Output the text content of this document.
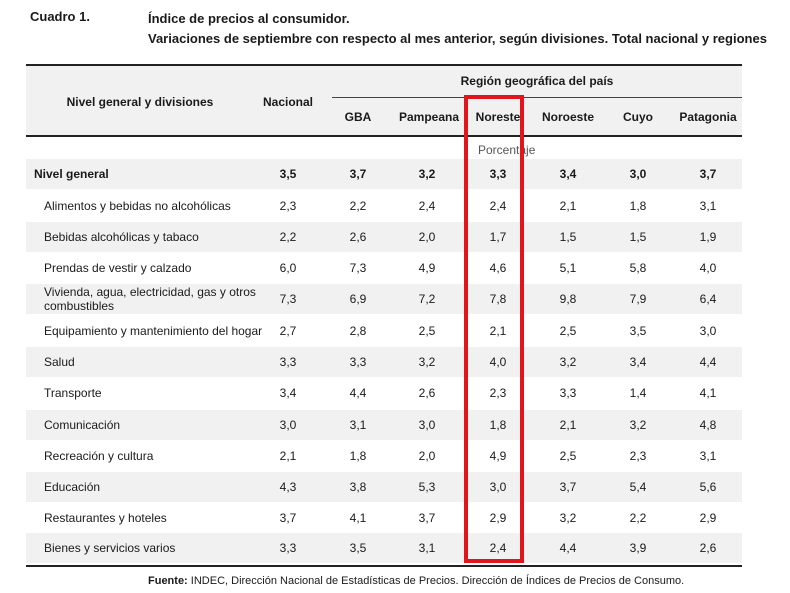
Cuadro 1.	Índice de precios al consumidor.
Variaciones de septiembre con respecto al mes anterior, según divisiones. Total nacional y regiones
Nivel general y divisiones	Nacional
Región geográfica del país
GBA	Pampeana	Noreste	Noroeste	Cuyo	Patagonia
Porcentaje
Nivel general	3,5	3,7	3,2	3,3	3,4	3,0	3,7
Alimentos y bebidas no alcohólicas	2,3	2,2	2,4	2,4	2,1	1,8	3,1
Bebidas alcohólicas y tabaco	2,2	2,6	2,0	1,7	1,5	1,5	1,9
Prendas de vestir y calzado	6,0	7,3	4,9	4,6	5,1	5,8	4,0
Vivienda, agua, electricidad, gas y otros combustibles	7,3	6,9	7,2	7,8	9,8	7,9	6,4
Equipamiento y mantenimiento del hogar	2,7	2,8	2,5	2,1	2,5	3,5	3,0
Salud	3,3	3,3	3,2	4,0	3,2	3,4	4,4
Transporte	3,4	4,4	2,6	2,3	3,3	1,4	4,1
Comunicación	3,0	3,1	3,0	1,8	2,1	3,2	4,8
Recreación y cultura	2,1	1,8	2,0	4,9	2,5	2,3	3,1
Educación	4,3	3,8	5,3	3,0	3,7	5,4	5,6
Restaurantes y hoteles	3,7	4,1	3,7	2,9	3,2	2,2	2,9
Bienes y servicios varios	3,3	3,5	3,1	2,4	4,4	3,9	2,6
Fuente: INDEC, Dirección Nacional de Estadísticas de Precios. Dirección de Índices de Precios de Consumo.
